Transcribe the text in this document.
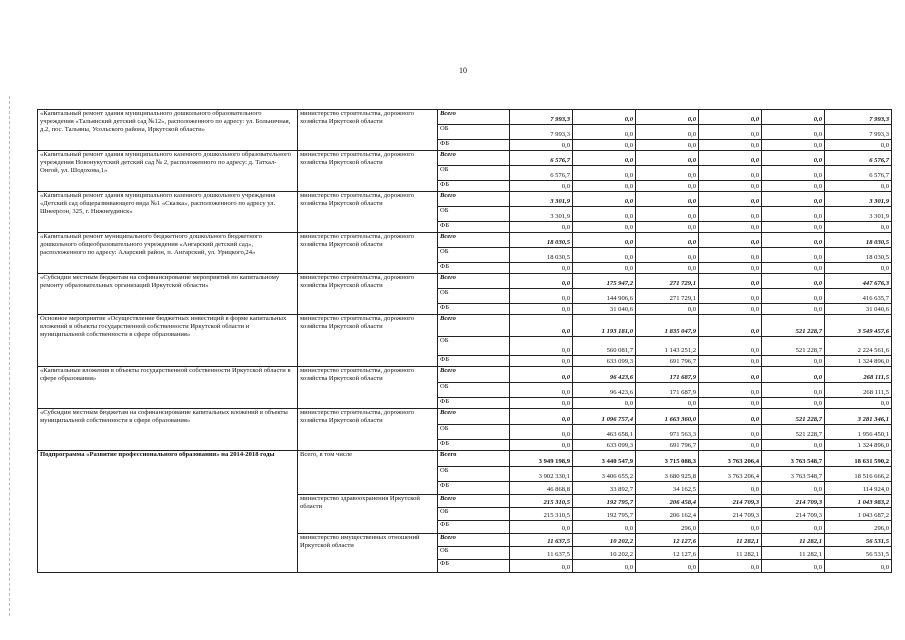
10
«Капитальный ремонт здания муниципального дошкольного образовательного учреждения «Тальянский детский сад №12», расположенного по адресу: ул. Больничная, д.2, пос. Тальяны, Усольского района, Иркутской области»	министерство строительства, дорожного хозяйства Иркутской области	Всего	7 993,3	0,0	0,0	0,0	0,0	7 993,3
		ОБ	7 993,3	0,0	0,0	0,0	0,0	7 993,3
		ФБ	0,0	0,0	0,0	0,0	0,0	0,0
«Капитальный ремонт здания муниципального казенного дошкольного образовательного учреждения Новонукутский детский сад № 2, расположенного по адресу: д. Татхал-Онгой, ул. Шодохова,1»	министерство строительства, дорожного хозяйства Иркутской области	Всего	6 576,7	0,0	0,0	0,0	0,0	6 576,7
		ОБ	6 576,7	0,0	0,0	0,0	0,0	6 576,7
		ФБ	0,0	0,0	0,0	0,0	0,0	0,0
«Капитальный ремонт здания муниципального казенного дошкольного учреждения «Детский сад общеразвивающего вида №1 «Сказка», расположенного по адресу ул. Шнеерсон, 325, г. Нижнеудинск»	министерство строительства, дорожного хозяйства Иркутской области	Всего	3 301,9	0,0	0,0	0,0	0,0	3 301,9
		ОБ	3 301,9	0,0	0,0	0,0	0,0	3 301,9
		ФБ	0,0	0,0	0,0	0,0	0,0	0,0
«Капитальный ремонт муниципального бюджетного дошкольного бюджетного дошкольного общеобразовательного учреждения «Ангарский детский сад», расположенного по адресу: Аларский район, п. Ангарский, ул. Урицкого,24»	министерство строительства, дорожного хозяйства Иркутской области	Всего	18 030,5	0,0	0,0	0,0	0,0	18 030,5
		ОБ	18 030,5	0,0	0,0	0,0	0,0	18 030,5
		ФБ	0,0	0,0	0,0	0,0	0,0	0,0
«Субсидии местным бюджетам на софинансирование мероприятий по капитальному ремонту образовательных организаций Иркутской области»	министерство строительства, дорожного хозяйства Иркутской области	Всего	0,0	175 947,2	271 729,1	0,0	0,0	447 676,3
		ОБ	0,0	144 906,6	271 729,1	0,0	0,0	416 635,7
		ФБ	0,0	31 040,6	0,0	0,0	0,0	31 040,6
Основное мероприятие «Осуществление бюджетных инвестиций в форме капитальных вложений в объекты государственной собственности Иркутской области и муниципальной собственности в сфере образования»	министерство строительства, дорожного хозяйства Иркутской области	Всего	0,0	1 193 181,0	1 835 047,9	0,0	521 228,7	3 549 457,6
		ОБ	0,0	560 081,7	1 143 251,2	0,0	521 228,7	2 224 561,6
		ФБ	0,0	633 099,3	691 796,7	0,0	0,0	1 324 896,0
«Капитальные вложения в объекты государственной собственности Иркутской области в сфере образования»	министерство строительства, дорожного хозяйства Иркутской области	Всего	0,0	96 423,6	171 687,9	0,0	0,0	268 111,5
		ОБ	0,0	96 423,6	171 687,9	0,0	0,0	268 111,5
		ФБ	0,0	0,0	0,0	0,0	0,0	0,0
«Субсидии местным бюджетам на софинансирование капитальных вложений в объекты муниципальной собственности в сфере образования»	министерство строительства, дорожного хозяйства Иркутской области	Всего	0,0	1 096 757,4	1 663 360,0	0,0	521 228,7	3 281 346,1
		ОБ	0,0	463 658,1	971 563,3	0,0	521 228,7	1 956 450,1
		ФБ	0,0	633 099,3	691 796,7	0,0	0,0	1 324 896,0
Подпрограмма «Развитие профессионального образования» на 2014-2018 годы	Всего, в том числе	Всего	3 949 198,9	3 440 547,9	3 715 088,3	3 763 206,4	3 763 548,7	18 631 590,2
		ОБ	3 902 330,1	3 406 655,2	3 680 925,8	3 763 206,4	3 763 548,7	18 516 666,2
		ФБ	46 868,8	33 892,7	34 162,5	0,0	0,0	114 924,0
	министерство здравоохранения Иркутской области	Всего	215 310,5	192 795,7	206 458,4	214 709,3	214 709,3	1 043 983,2
		ОБ	215 310,5	192 795,7	206 162,4	214 709,3	214 709,3	1 043 687,2
		ФБ	0,0	0,0	296,0	0,0	0,0	296,0
	министерство имущественных отношений Иркутской области	Всего	11 637,5	10 202,2	12 127,6	11 282,1	11 282,1	56 531,5
		ОБ	11 637,5	10 202,2	12 127,6	11 282,1	11 282,1	56 531,5
		ФБ	0,0	0,0	0,0	0,0	0,0	0,0
